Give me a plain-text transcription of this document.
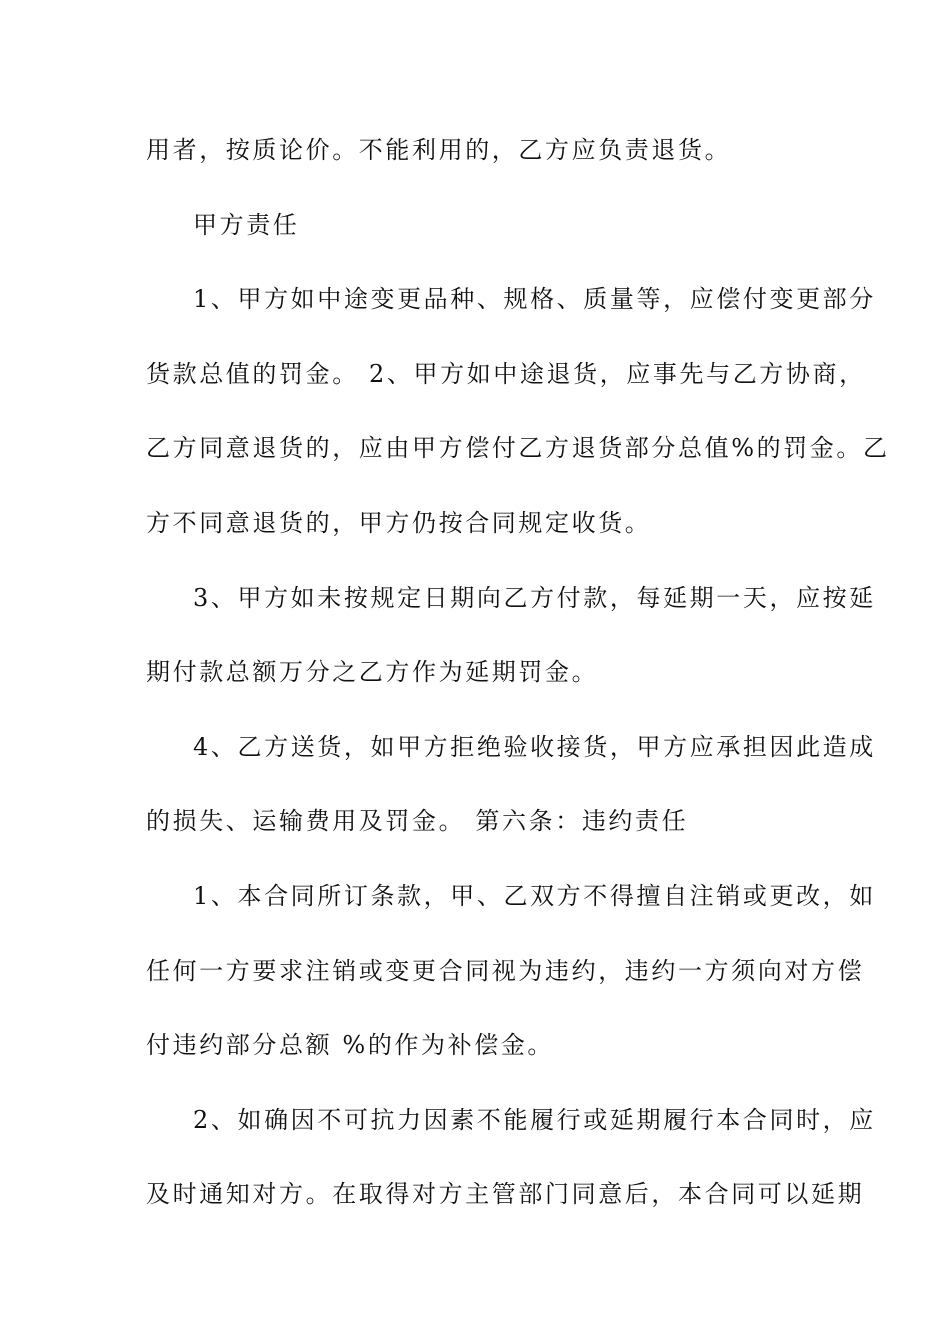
用者，按质论价。不能利用的，乙方应负责退货。

甲方责任

1、甲方如中途变更品种、规格、质量等，应偿付变更部分

货款总值的罚金。 2、甲方如中途退货，应事先与乙方协商，

乙方同意退货的，应由甲方偿付乙方退货部分总值%的罚金。乙

方不同意退货的，甲方仍按合同规定收货。

3、甲方如未按规定日期向乙方付款，每延期一天，应按延

期付款总额万分之乙方作为延期罚金。

4、乙方送货，如甲方拒绝验收接货，甲方应承担因此造成

的损失、运输费用及罚金。 第六条：违约责任

1、本合同所订条款，甲、乙双方不得擅自注销或更改，如

任何一方要求注销或变更合同视为违约，违约一方须向对方偿

付违约部分总额 %的作为补偿金。

2、如确因不可抗力因素不能履行或延期履行本合同时，应

及时通知对方。在取得对方主管部门同意后，本合同可以延期
